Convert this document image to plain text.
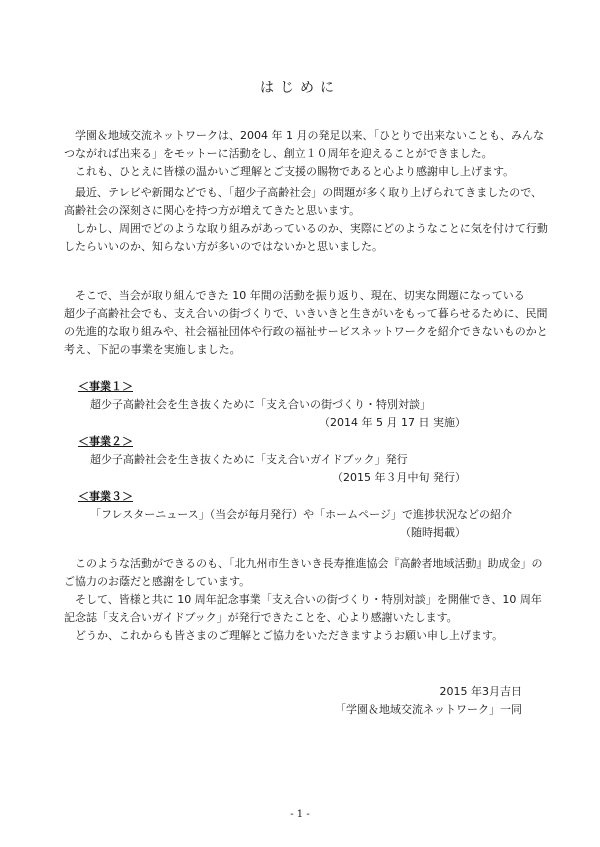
はじめに
　学園＆地域交流ネットワークは、2004 年 1 月の発足以来、「ひとりで出来ないことも、みんな
つながれば出来る」をモットーに活動をし、創立１０周年を迎えることができました。
　これも、ひとえに皆様の温かいご理解とご支援の賜物であると心より感謝申し上げます。
　最近、テレビや新聞などでも、「超少子高齢社会」の問題が多く取り上げられてきましたので、
高齢社会の深刻さに関心を持つ方が増えてきたと思います。
　しかし、周囲でどのような取り組みがあっているのか、実際にどのようなことに気を付けて行動
したらいいのか、知らない方が多いのではないかと思いました。
　そこで、当会が取り組んできた 10 年間の活動を振り返り、現在、切実な問題になっている
超少子高齢社会でも、支え合いの街づくりで、いきいきと生きがいをもって暮らせるために、民間
の先進的な取り組みや、社会福祉団体や行政の福祉サービスネットワークを紹介できないものかと
考え、下記の事業を実施しました。
＜事業１＞
超少子高齢社会を生き抜くために「支え合いの街づくり・特別対談」
（2014 年 5 月 17 日 実施）
＜事業２＞
超少子高齢社会を生き抜くために「支え合いガイドブック」発行
（2015 年３月中旬 発行）
＜事業３＞
「フレスターニュース」（当会が毎月発行）や「ホームページ」で進捗状況などの紹介
（随時掲載）
　このような活動ができるのも、「北九州市生きいき長寿推進協会『高齢者地域活動』助成金」の
ご協力のお蔭だと感謝をしています。
　そして、皆様と共に 10 周年記念事業「支え合いの街づくり・特別対談」を開催でき、10 周年
記念誌「支え合いガイドブック」が発行できたことを、心より感謝いたします。
　どうか、これからも皆さまのご理解とご協力をいただきますようお願い申し上げます。
2015 年3月吉日
「学園＆地域交流ネットワーク」一同
- 1 -
